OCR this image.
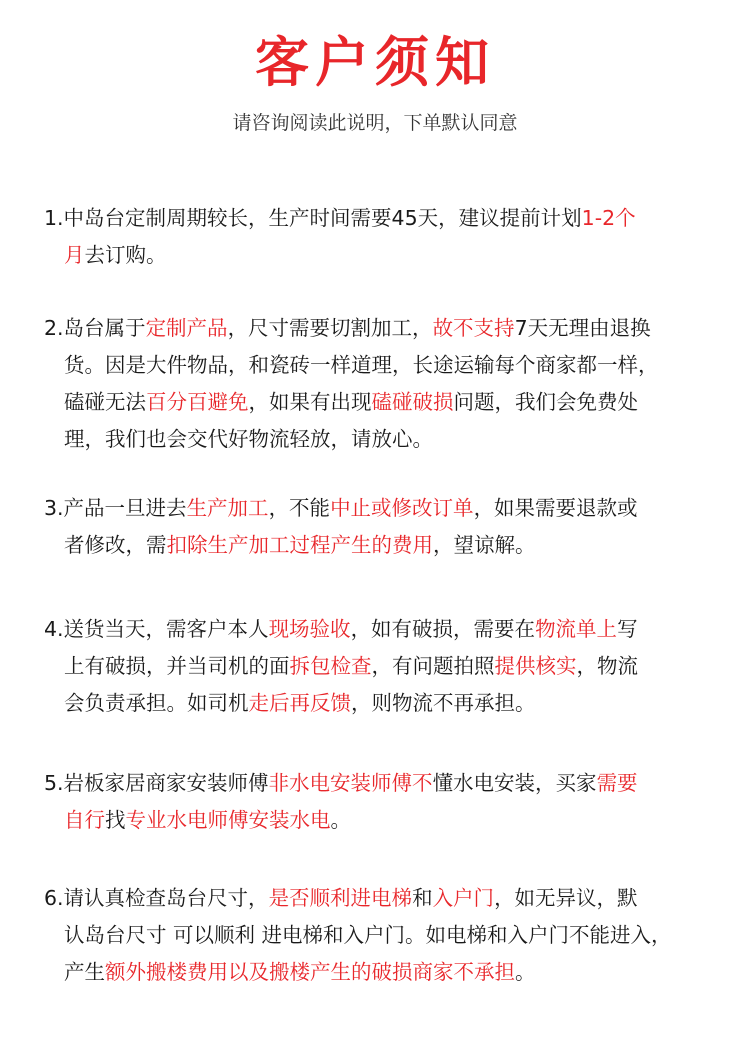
客户须知
请咨询阅读此说明，下单默认同意
1.中岛台定制周期较长，生产时间需要45天，建议提前计划1-2个
月去订购。
2.岛台属于定制产品，尺寸需要切割加工，故不支持7天无理由退换
货。因是大件物品，和瓷砖一样道理，长途运输每个商家都一样，
磕碰无法百分百避免，如果有出现磕碰破损问题，我们会免费处
理，我们也会交代好物流轻放，请放心。
3.产品一旦进去生产加工，不能中止或修改订单，如果需要退款或
者修改，需扣除生产加工过程产生的费用，望谅解。
4.送货当天，需客户本人现场验收，如有破损，需要在物流单上写
上有破损，并当司机的面拆包检查，有问题拍照提供核实，物流
会负责承担。如司机走后再反馈，则物流不再承担。
5.岩板家居商家安装师傅非水电安装师傅不懂水电安装，买家需要
自行找专业水电师傅安装水电。
6.请认真检查岛台尺寸，是否顺利进电梯和入户门，如无异议，默
认岛台尺寸 可以顺利 进电梯和入户门。如电梯和入户门不能进入，
产生额外搬楼费用以及搬楼产生的破损商家不承担。
